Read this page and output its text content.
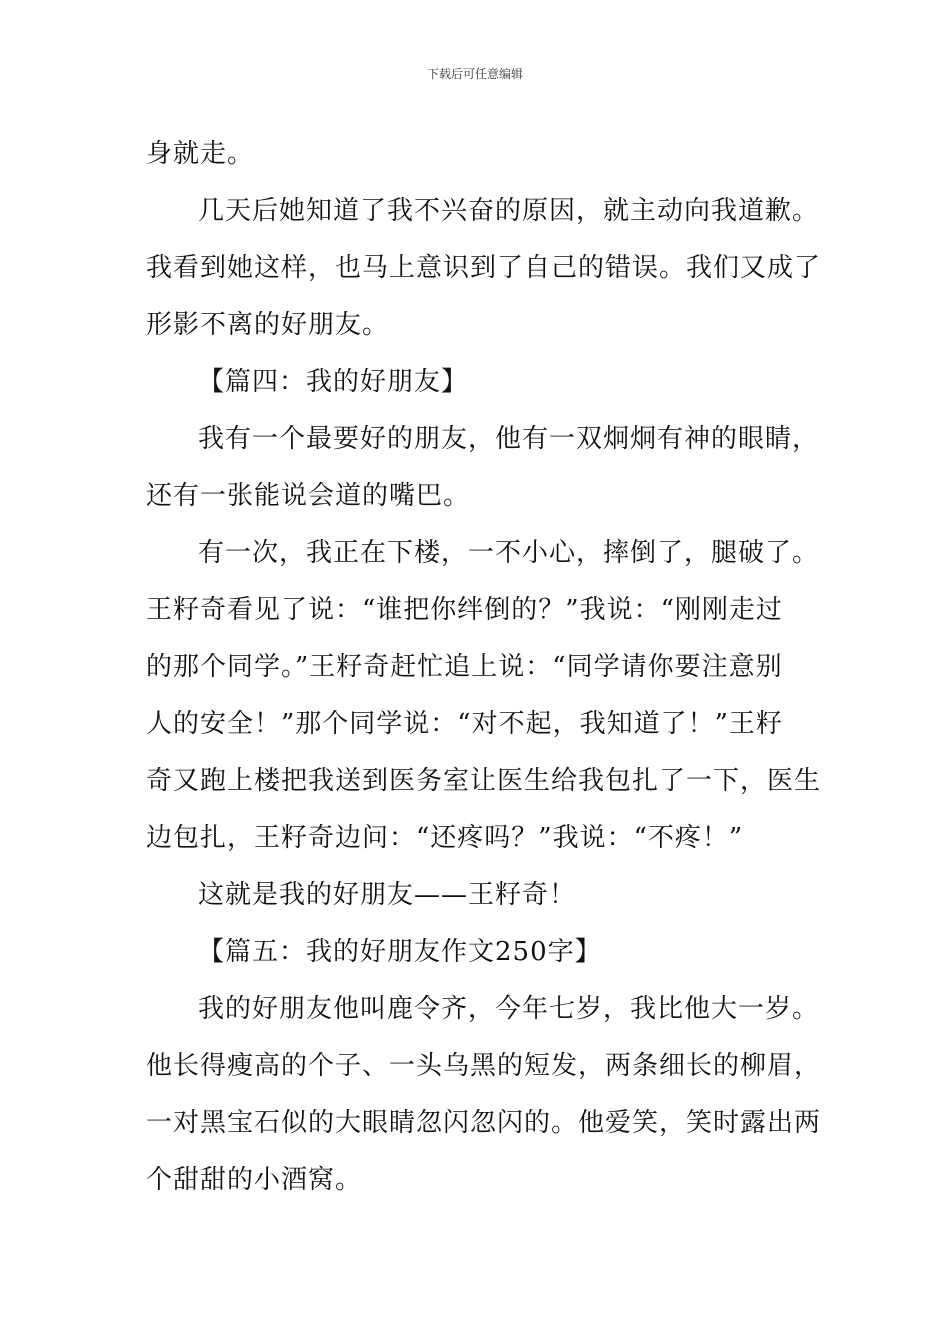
下载后可任意编辑
身就走。
几天后她知道了我不兴奋的原因，就主动向我道歉。
我看到她这样，也马上意识到了自己的错误。我们又成了
形影不离的好朋友。
【篇四：我的好朋友】
我有一个最要好的朋友，他有一双炯炯有神的眼睛，
还有一张能说会道的嘴巴。
有一次，我正在下楼，一不小心，摔倒了，腿破了。
王籽奇看见了说：“谁把你绊倒的？”我说：“刚刚走过
的那个同学。”王籽奇赶忙追上说：“同学请你要注意别
人的安全！”那个同学说：“对不起，我知道了！”王籽
奇又跑上楼把我送到医务室让医生给我包扎了一下，医生
边包扎，王籽奇边问：“还疼吗？”我说：“不疼！”
这就是我的好朋友——王籽奇！
【篇五：我的好朋友作文250字】
我的好朋友他叫鹿令齐，今年七岁，我比他大一岁。
他长得瘦高的个子、一头乌黑的短发，两条细长的柳眉，
一对黑宝石似的大眼睛忽闪忽闪的。他爱笑，笑时露出两
个甜甜的小酒窝。
